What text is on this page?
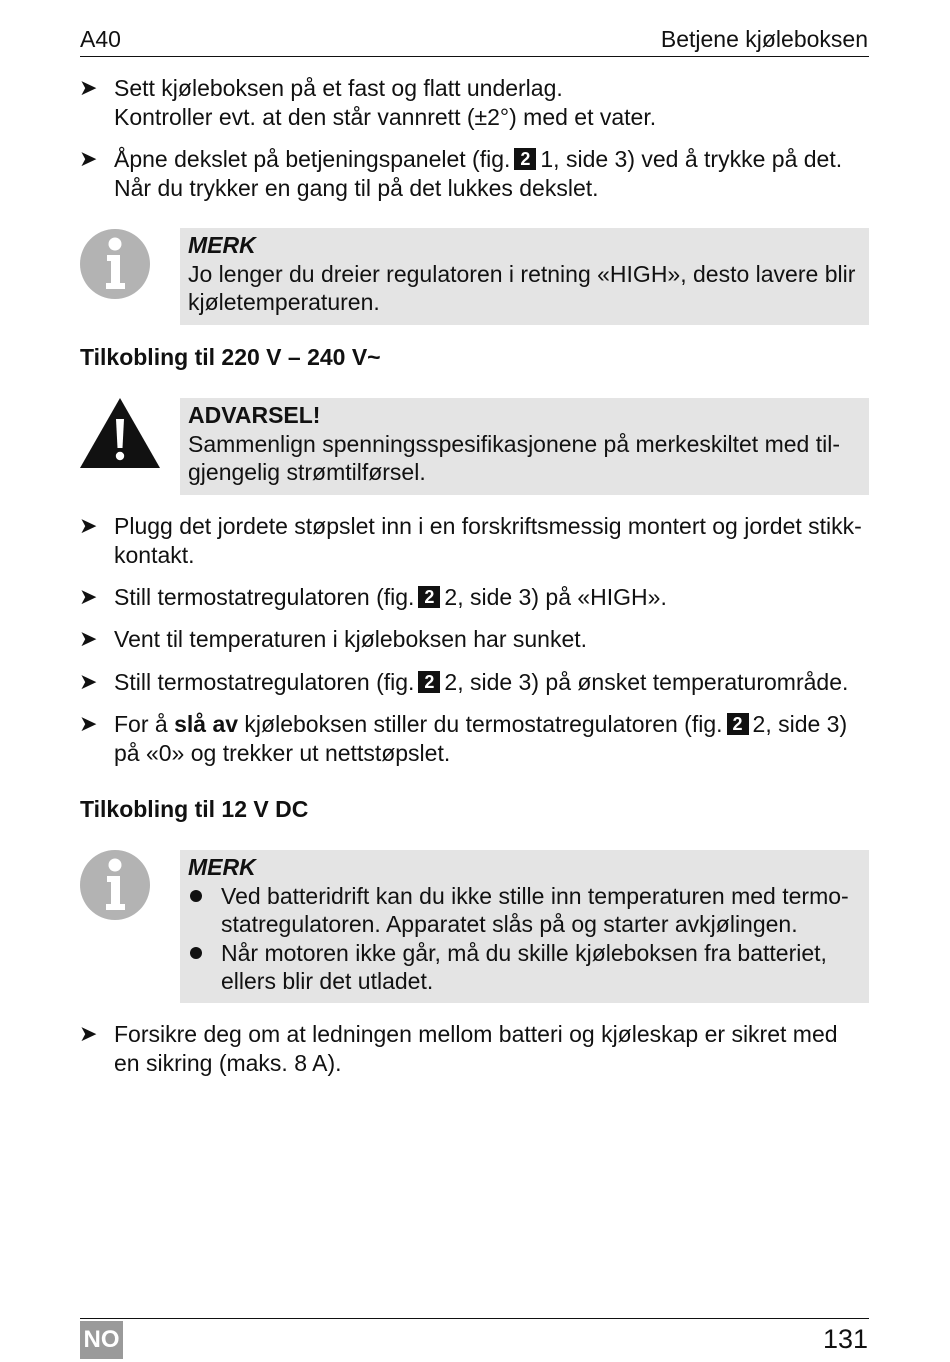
A40	Betjene kjøleboksen
➤ Sett kjøleboksen på et fast og flatt underlag.
Kontroller evt. at den står vannrett (±2°) med et vater.
➤ Åpne dekslet på betjeningspanelet (fig. 2 1, side 3) ved å trykke på det.
Når du trykker en gang til på det lukkes dekslet.
MERK
Jo lenger du dreier regulatoren i retning «HIGH», desto lavere blir
kjøletemperaturen.
Tilkobling til 220 V – 240 V~
ADVARSEL!
Sammenlign spenningsspesifikasjonene på merkeskiltet med til-
gjengelig strømtilførsel.
➤ Plugg det jordete støpslet inn i en forskriftsmessig montert og jordet stikk-
kontakt.
➤ Still termostatregulatoren (fig. 2 2, side 3) på «HIGH».
➤ Vent til temperaturen i kjøleboksen har sunket.
➤ Still termostatregulatoren (fig. 2 2, side 3) på ønsket temperaturområde.
➤ For å slå av kjøleboksen stiller du termostatregulatoren (fig. 2 2, side 3)
på «0» og trekker ut nettstøpslet.
Tilkobling til 12 V DC
MERK
Ved batteridrift kan du ikke stille inn temperaturen med termo-
statregulatoren. Apparatet slås på og starter avkjølingen.
Når motoren ikke går, må du skille kjøleboksen fra batteriet,
ellers blir det utladet.
➤ Forsikre deg om at ledningen mellom batteri og kjøleskap er sikret med
en sikring (maks. 8 A).
NO	131
